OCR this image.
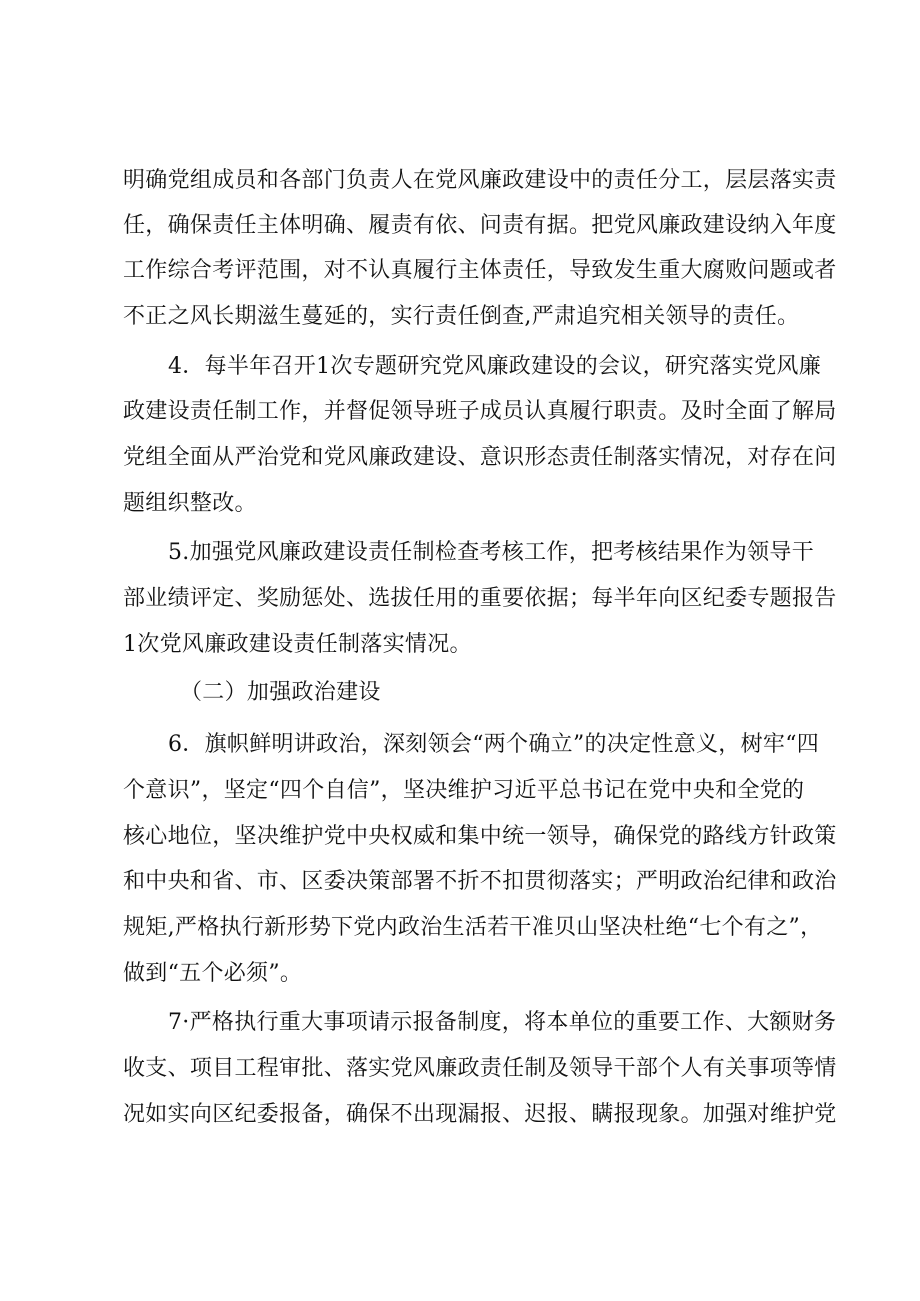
明确党组成员和各部门负责人在党风廉政建设中的责任分工，层层落实责
任，确保责任主体明确、履责有依、问责有据。把党风廉政建设纳入年度
工作综合考评范围，对不认真履行主体责任，导致发生重大腐败问题或者
不正之风长期滋生蔓延的，实行责任倒查,严肃追究相关领导的责任。
4．每半年召开1次专题研究党风廉政建设的会议，研究落实党风廉
政建设责任制工作，并督促领导班子成员认真履行职责。及时全面了解局
党组全面从严治党和党风廉政建设、意识形态责任制落实情况，对存在问
题组织整改。
5.加强党风廉政建设责任制检查考核工作，把考核结果作为领导干
部业绩评定、奖励惩处、选拔任用的重要依据；每半年向区纪委专题报告
1次党风廉政建设责任制落实情况。
（二）加强政治建设
6．旗帜鲜明讲政治，深刻领会“两个确立”的决定性意义，树牢“四
个意识”，坚定“四个自信”，坚决维护习近平总书记在党中央和全党的
核心地位，坚决维护党中央权威和集中统一领导，确保党的路线方针政策
和中央和省、市、区委决策部署不折不扣贯彻落实；严明政治纪律和政治
规矩,严格执行新形势下党内政治生活若干准贝山坚决杜绝“七个有之”，
做到“五个必须”。
7·严格执行重大事项请示报备制度，将本单位的重要工作、大额财务
收支、项目工程审批、落实党风廉政责任制及领导干部个人有关事项等情
况如实向区纪委报备，确保不出现漏报、迟报、瞒报现象。加强对维护党
